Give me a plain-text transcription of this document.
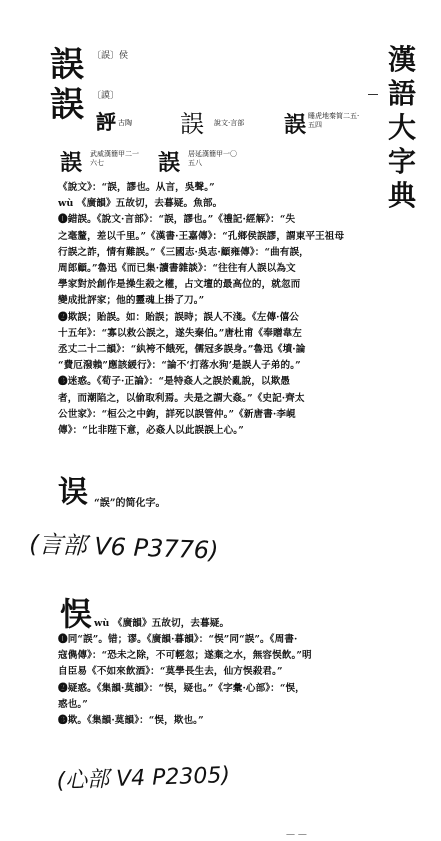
漢
語
大
字
典
誤 〔誤〕侯
誤 〔謨〕
𧦝 古陶 誤 說文·言部 誤 睡虎地秦简二五·五四
誤 武威漢簡甲二一六七	誤 居延漢簡甲一〇五八
《說文》：“誤，謬也。从言，吳聲。”
wù 《廣韻》五故切，去暮疑。魚部。
❶錯誤。《說文·言部》：“誤，謬也。”《禮記·經解》：“失
之毫釐，差以千里。”《漢書·王嘉傳》：“孔鄉侯誤謬，謂東平王祖母
行誤之詐，情有難誤。”《三國志·吳志·顧雍傳》：“曲有誤，
周郎顧。”魯迅《而已集·讀書雜談》：“往往有人誤以為文
學家對於創作是操生殺之權，占文壇的最高位的，就忽而
變成批評家；他的靈魂上掛了刀。”
❷欺誤；貽誤。如：貽誤；誤時；誤人不淺。《左傳·僖公
十五年》：“寡以救公誤之，遂失秦伯。”唐杜甫《奉贈韋左
丞丈二十二韻》：“紈袴不餓死，儒冠多誤身。”魯迅《墳·論
“費厄潑賴”應該緩行》：“論不‘打落水狗’是誤人子弟的。”
❸迷惑。《荀子·正論》：“是特姦人之誤於亂說，以欺愚
者，而潮陷之，以偷取利焉。夫是之謂大姦。”《史記·齊太
公世家》：“桓公之中鉤，詳死以誤管仲。”《新唐書·李峴
傳》：“比非陛下意，必姦人以此誤誤上心。”
误 “誤”的简化字。
(言部 V6 P3776)
悮 wù 《廣韻》五故切，去暮疑。
❶同“誤”。错；谬。《廣韻·暮韻》：“悮”同“誤”。《周書·
寇儁傳》：“恐未之除，不可輕忽；遂棄之水，無容悮飲。”明
自臣易《不如來飲酒》：“莫學長生去，仙方悮殺君。”
❷疑惑。《集韻·莫韻》：“悮，疑也。”《字彙·心部》：“悮，
惑也。”
❸欺。《集韻·莫韻》：“悮，欺也。”
(心部 V4 P2305)
— —
